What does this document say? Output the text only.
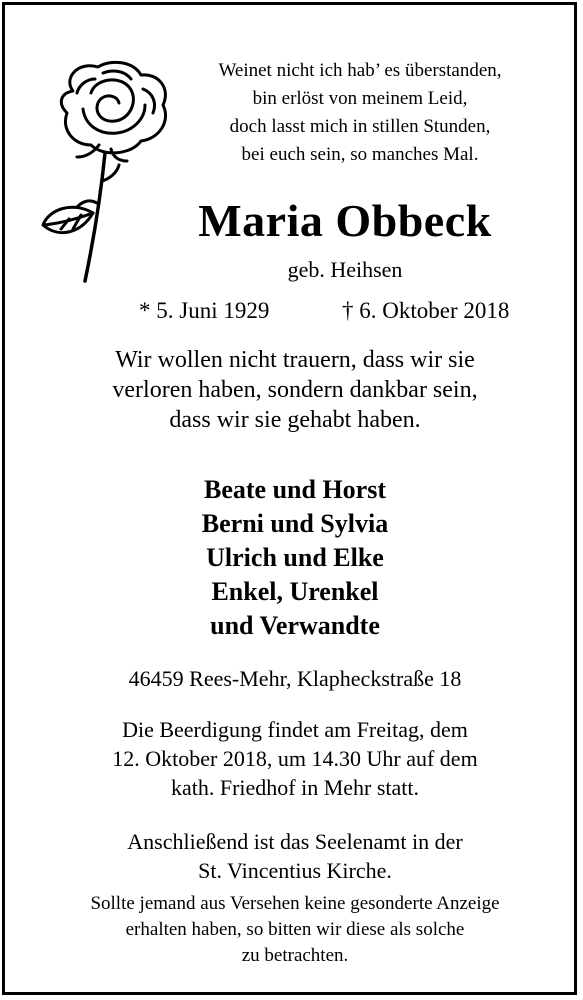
Weinet nicht ich hab’ es überstanden,
bin erlöst von meinem Leid,
doch lasst mich in stillen Stunden,
bei euch sein, so manches Mal.
Maria Obbeck
geb. Heihsen
* 5. Juni 1929	† 6. Oktober 2018
Wir wollen nicht trauern, dass wir sie
verloren haben, sondern dankbar sein,
dass wir sie gehabt haben.
Beate und Horst
Berni und Sylvia
Ulrich und Elke
Enkel, Urenkel
und Verwandte
46459 Rees-Mehr, Klapheckstraße 18
Die Beerdigung findet am Freitag, dem
12. Oktober 2018, um 14.30 Uhr auf dem
kath. Friedhof in Mehr statt.
Anschließend ist das Seelenamt in der
St. Vincentius Kirche.
Sollte jemand aus Versehen keine gesonderte Anzeige
erhalten haben, so bitten wir diese als solche
zu betrachten.
